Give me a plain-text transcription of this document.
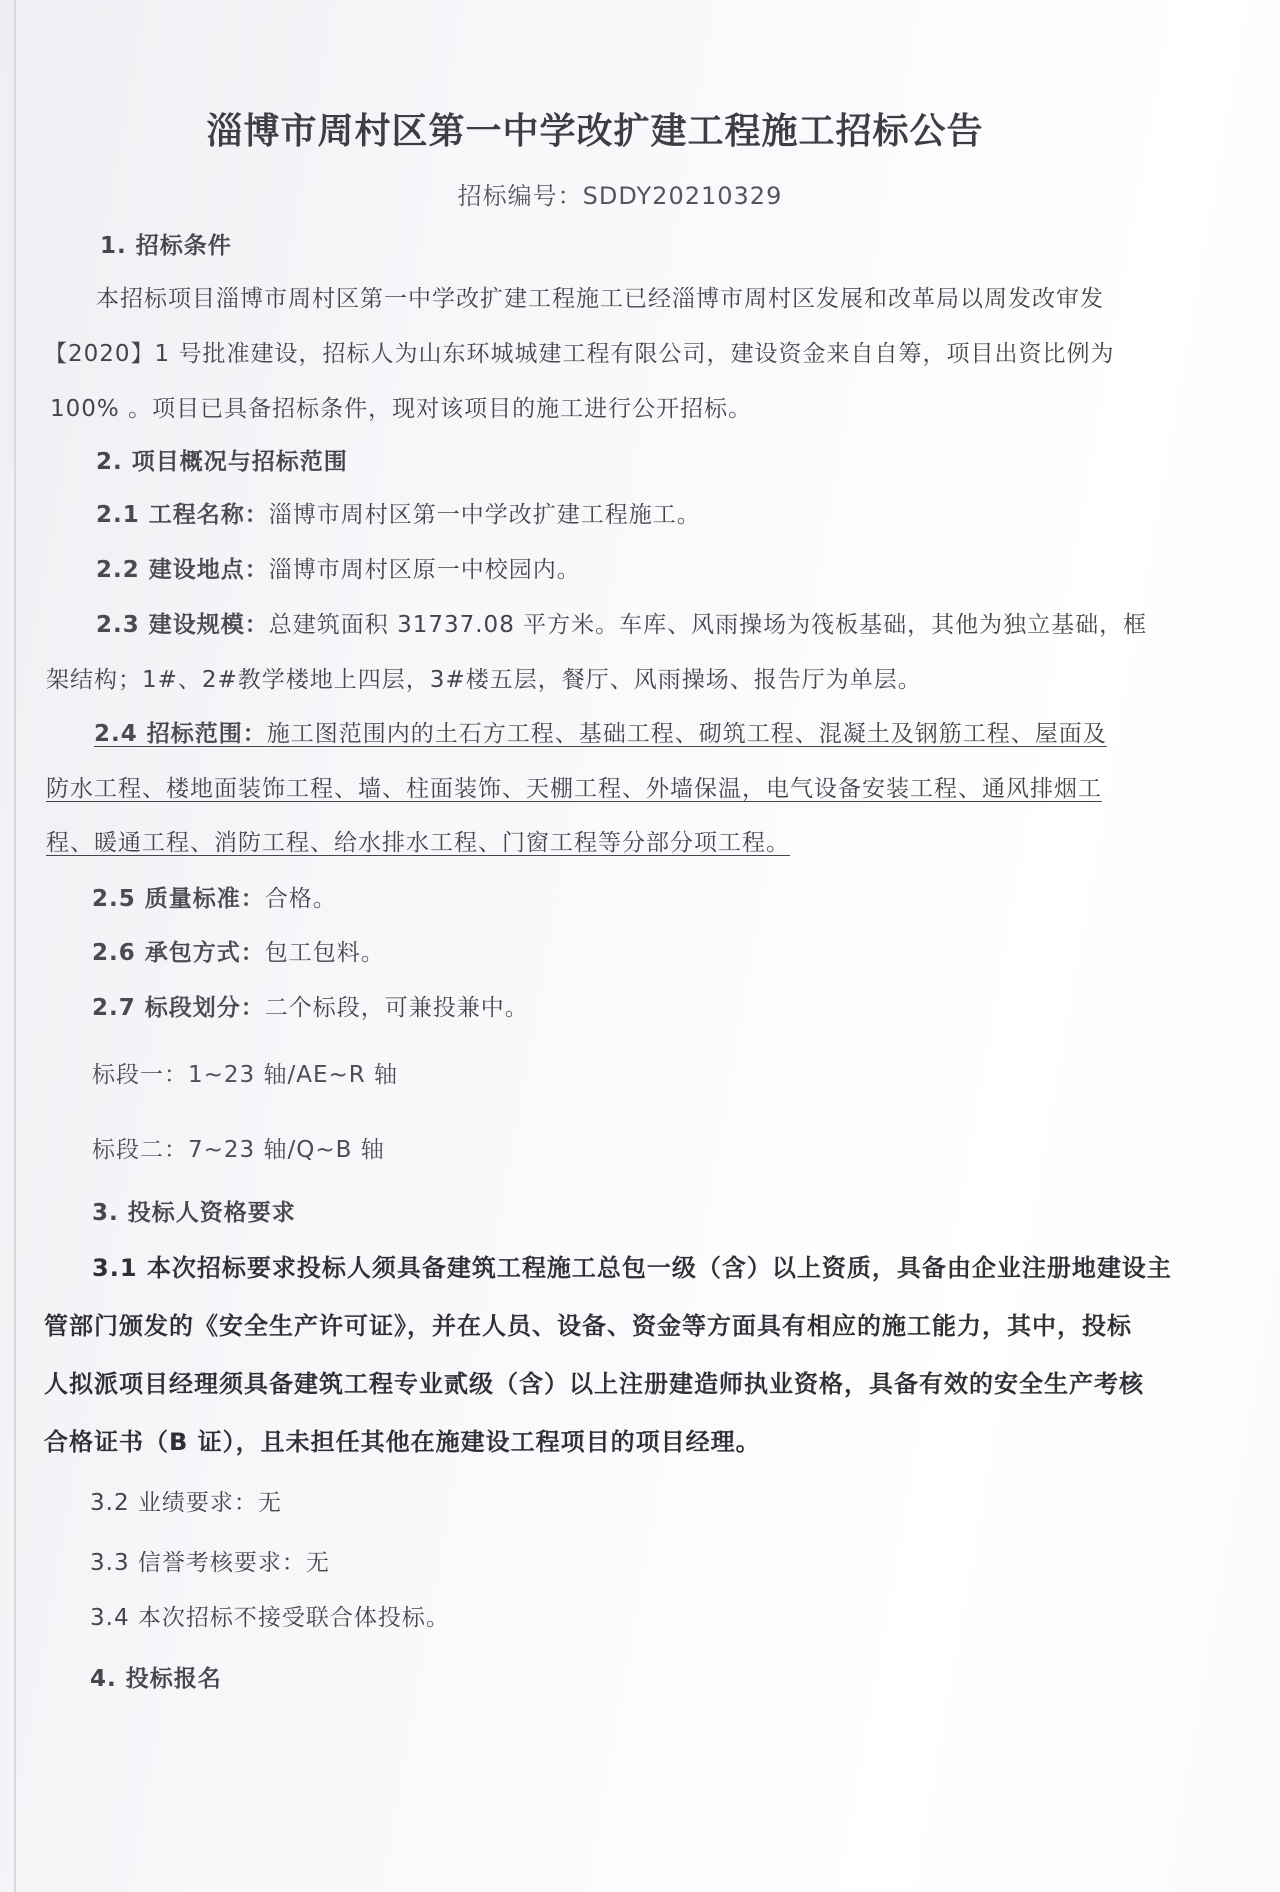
淄博市周村区第一中学改扩建工程施工招标公告
招标编号：SDDY20210329
1. 招标条件
本招标项目淄博市周村区第一中学改扩建工程施工已经淄博市周村区发展和改革局以周发改审发
【2020】1 号批准建设，招标人为山东环城城建工程有限公司，建设资金来自自筹，项目出资比例为
100% 。项目已具备招标条件，现对该项目的施工进行公开招标。
2. 项目概况与招标范围
2.1 工程名称：淄博市周村区第一中学改扩建工程施工。
2.2 建设地点：淄博市周村区原一中校园内。
2.3 建设规模：总建筑面积 31737.08 平方米。车库、风雨操场为筏板基础，其他为独立基础，框
架结构；1#、2#教学楼地上四层，3#楼五层，餐厅、风雨操场、报告厅为单层。
2.4 招标范围：施工图范围内的土石方工程、基础工程、砌筑工程、混凝土及钢筋工程、屋面及
防水工程、楼地面装饰工程、墙、柱面装饰、天棚工程、外墙保温，电气设备安装工程、通风排烟工
程、暖通工程、消防工程、给水排水工程、门窗工程等分部分项工程。
2.5 质量标准：合格。
2.6 承包方式：包工包料。
2.7 标段划分：二个标段，可兼投兼中。
标段一：1~23 轴/AE~R 轴
标段二：7~23 轴/Q~B 轴
3. 投标人资格要求
3.1 本次招标要求投标人须具备建筑工程施工总包一级（含）以上资质，具备由企业注册地建设主
管部门颁发的《安全生产许可证》，并在人员、设备、资金等方面具有相应的施工能力，其中，投标
人拟派项目经理须具备建筑工程专业贰级（含）以上注册建造师执业资格，具备有效的安全生产考核
合格证书（B 证），且未担任其他在施建设工程项目的项目经理。
3.2 业绩要求：无
3.3 信誉考核要求：无
3.4 本次招标不接受联合体投标。
4. 投标报名
